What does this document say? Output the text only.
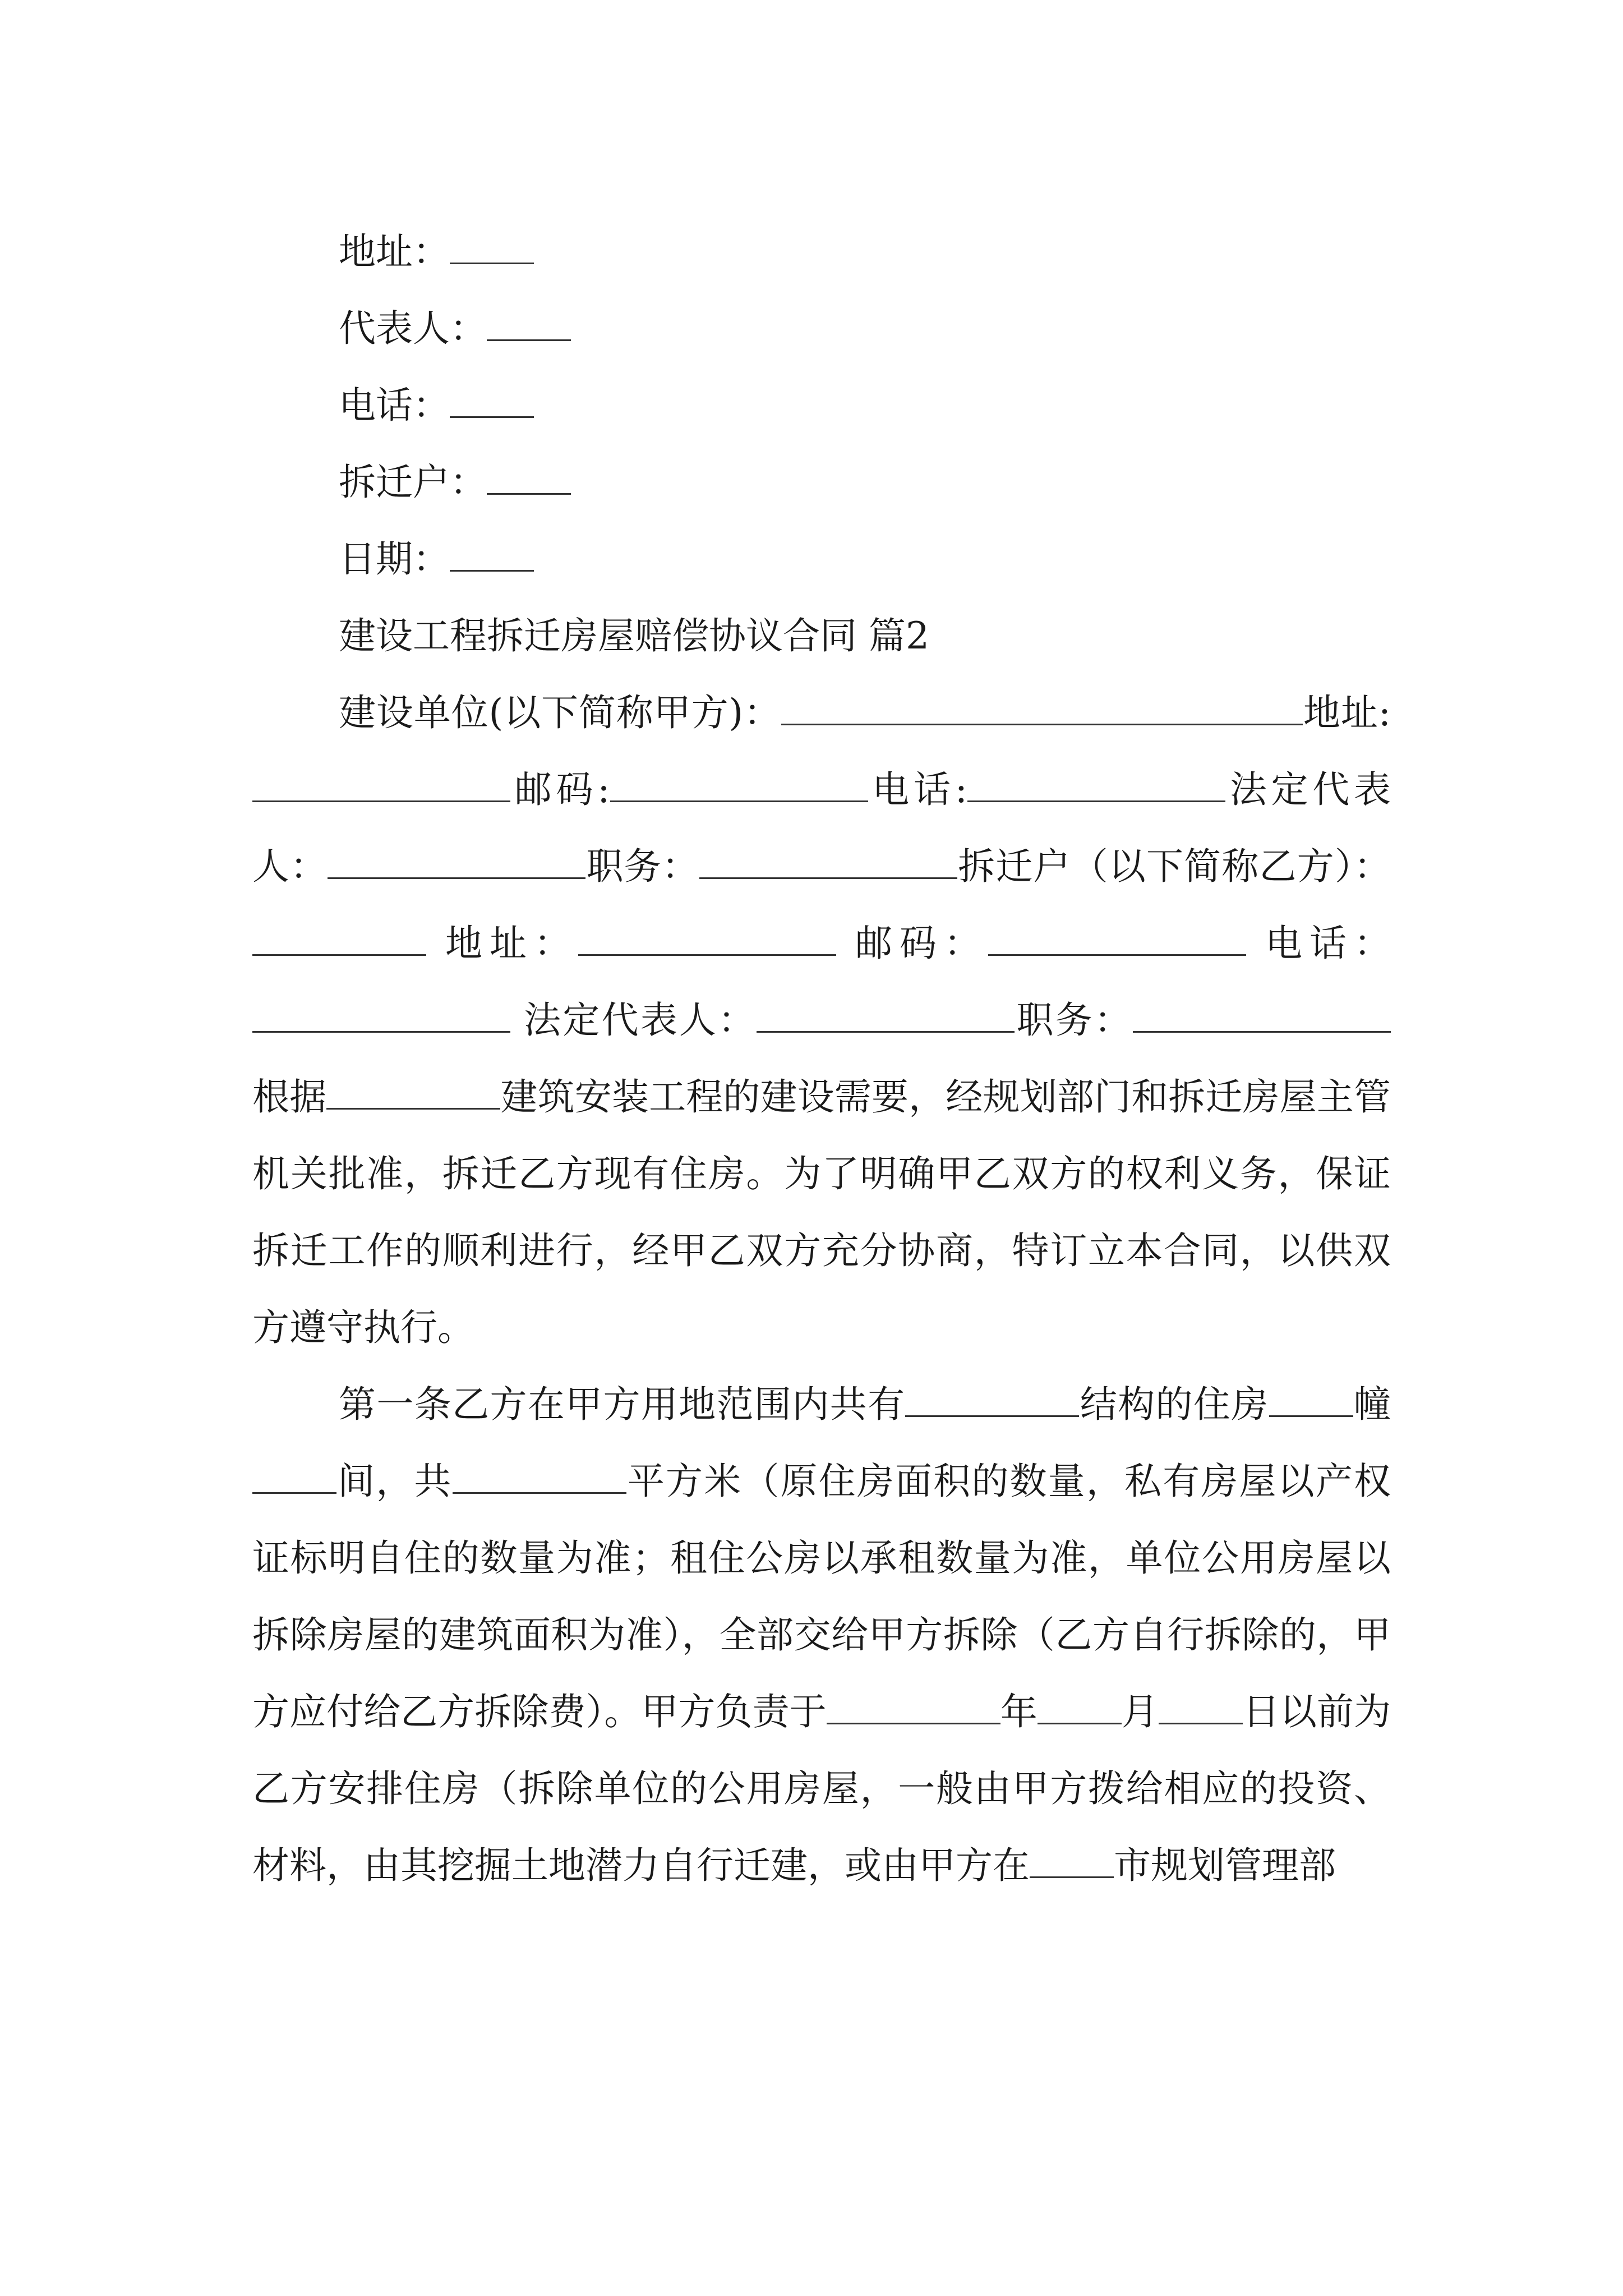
地址：
代表人：
电话：
拆迁户：
日期：
建设工程拆迁房屋赔偿协议合同 篇2

建设单位(以下简称甲方)：	地址:邮码:	电话:	法定代表人：	职务：	拆迁户（以下简称乙方）： 地址：	邮码：	电话：  法定代表人：	职务：根据	建筑安装工程的建设需要，经规划部门和拆迁房屋主管机关批准，拆迁乙方现有住房。为了明确甲乙双方的权利义务，保证拆迁工作的顺利进行，经甲乙双方充分协商，特订立本合同，以供双方遵守执行。

第一条乙方在甲方用地范围内共有	结构的住房 幢间，共	平方米（原住房面积的数量，私有房屋以产权证标明自住的数量为准；租住公房以承租数量为准，单位公用房屋以拆除房屋的建筑面积为准），全部交给甲方拆除（乙方自行拆除的，甲方应付给乙方拆除费）。甲方负责于	年 月 日以前为乙方安排住房（拆除单位的公用房屋，一般由甲方拨给相应的投资、材料，由其挖掘土地潜力自行迁建，或由甲方在 市规划管理部
